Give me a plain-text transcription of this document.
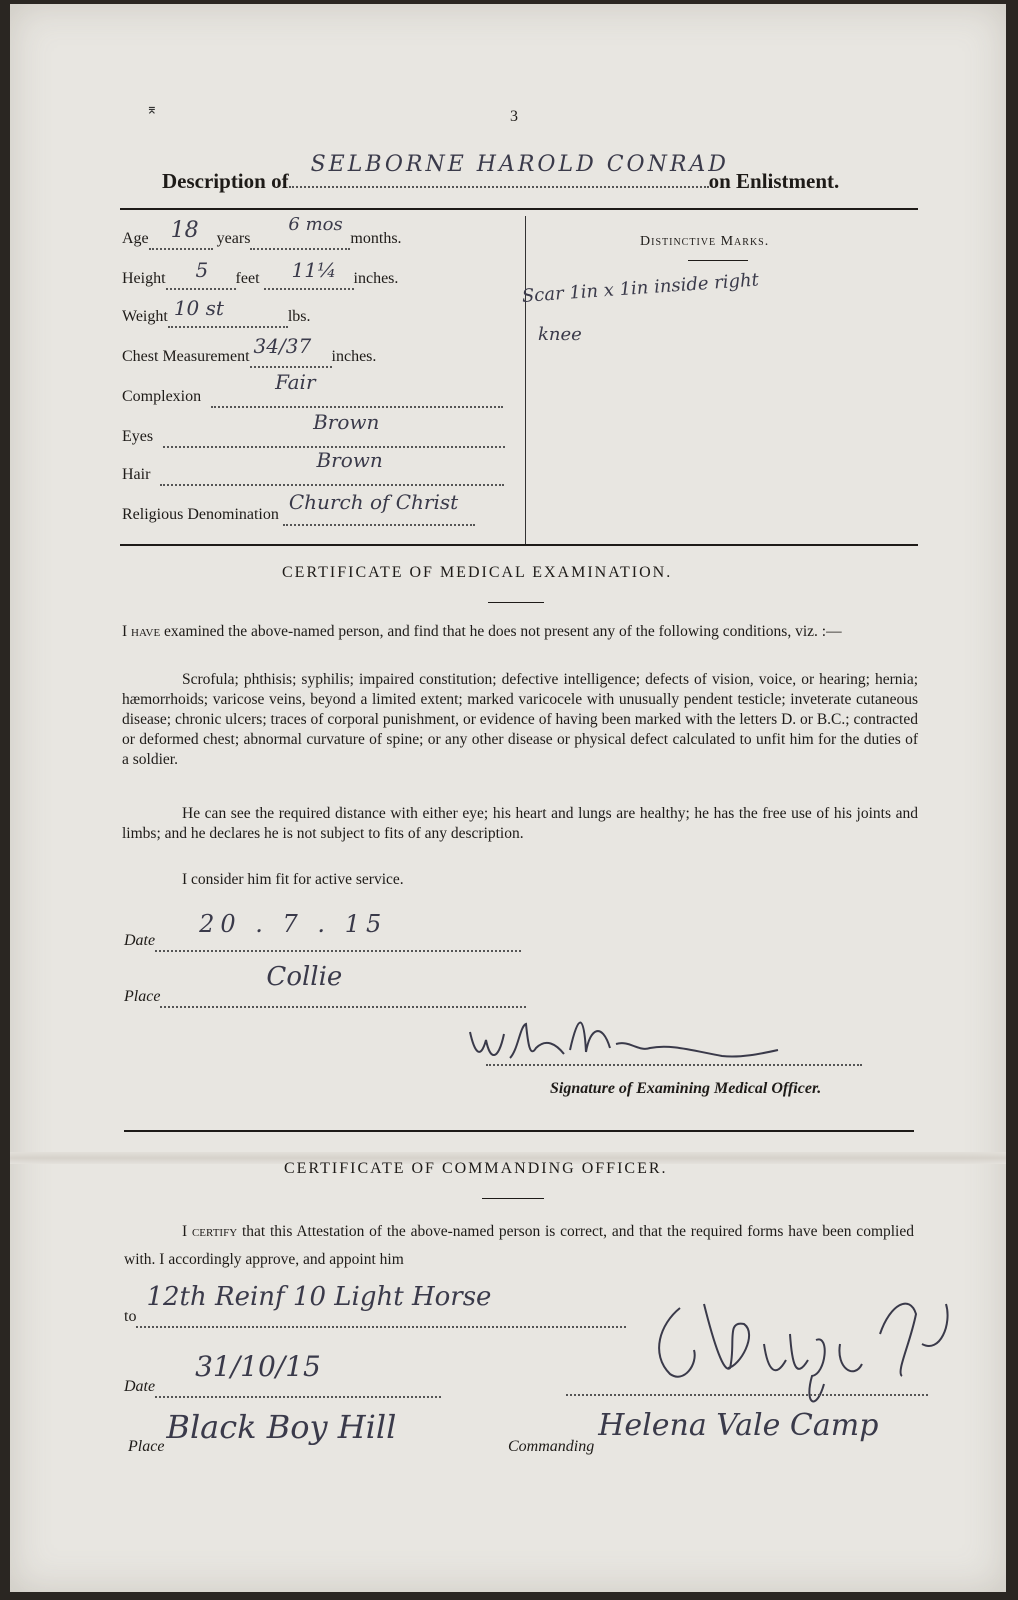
⌆	3
Description of
SELBORNE HAROLD CONRAD
on Enlistment.
Age 18 years
6 mos
months.
Height 5 feet 11¼ inches.
Weight 10 st	lbs.
Chest Measurement 34/37 inches.
Complexion
Fair

Eyes
Brown

Hair
Brown

Religious Denomination
Church of Christ

Distinctive Marks.
Scar 1in x 1in inside right
knee
CERTIFICATE OF MEDICAL EXAMINATION.
I have examined the above-named person, and find that he does not present any of the following conditions, viz. :—
Scrofula; phthisis; syphilis; impaired constitution; defective intelligence; defects of vision, voice, or hearing; hernia; hæmorrhoids; varicose veins, beyond a limited extent; marked varicocele with unusually pendent testicle; inveterate cutaneous disease; chronic ulcers; traces of corporal punishment, or evidence of having been marked with the letters D. or B.C.; contracted or deformed chest; abnormal curvature of spine; or any other disease or physical defect calculated to unfit him for the duties of a soldier.
He can see the required distance with either eye; his heart and lungs are healthy; he has the free use of his joints and limbs; and he declares he is not subject to fits of any description.
I consider him fit for active service.
Date
20 . 7 . 15

Place
Collie

Signature of Examining Medical Officer.
CERTIFICATE OF COMMANDING OFFICER.
I certify that this Attestation of the above-named person is correct, and that the required forms have been complied with. I accordingly approve, and appoint him
to
12th Reinf 10 Light Horse

Date
31/10/15

Place
Black Boy Hill

Commanding
Helena Vale Camp
